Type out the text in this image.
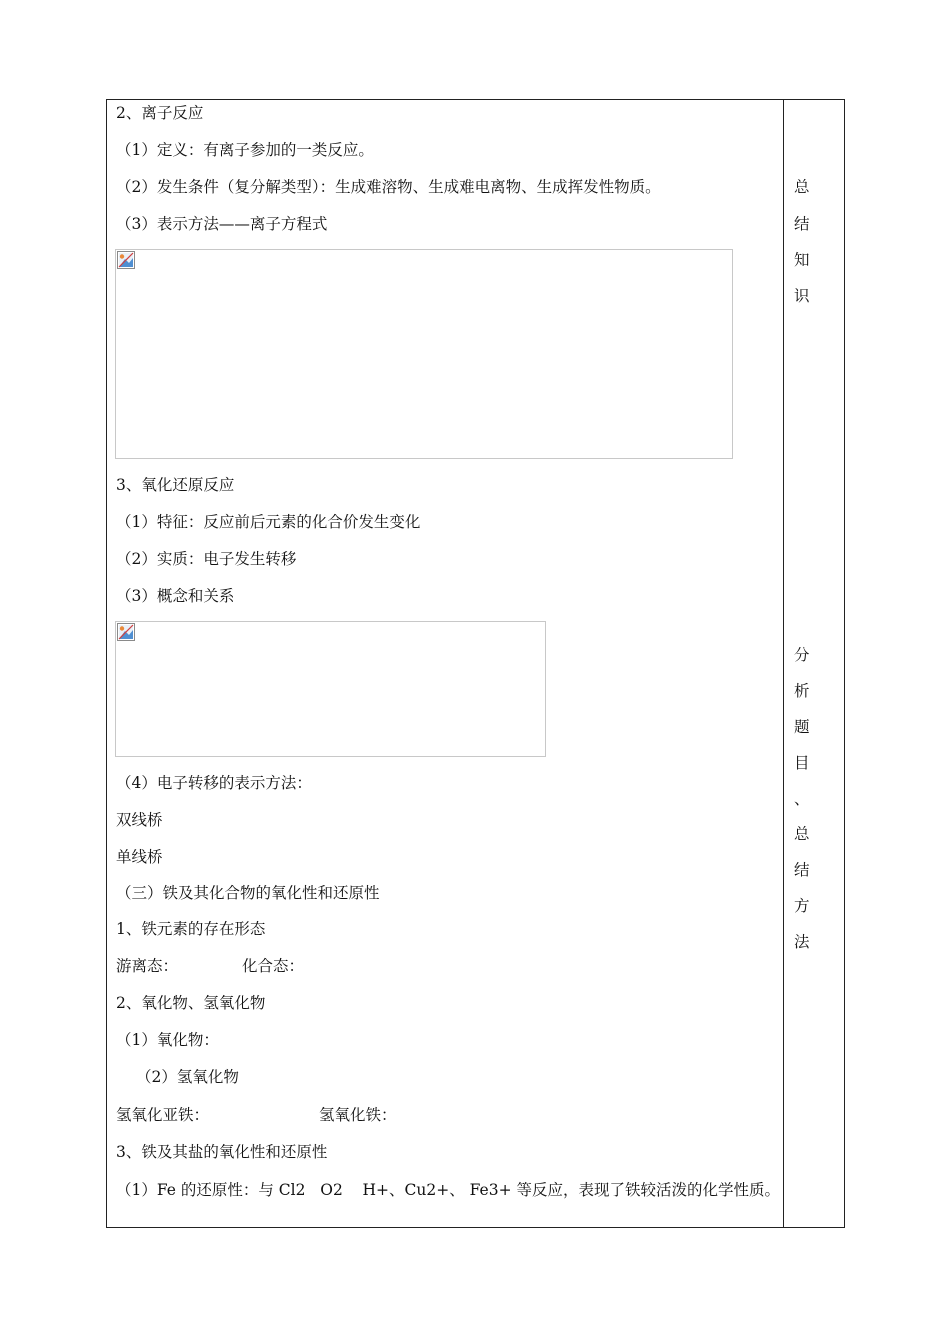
2、离子反应
（1）定义：有离子参加的一类反应。
（2）发生条件（复分解类型）：生成难溶物、生成难电离物、生成挥发性物质。
（3）表示方法——离子方程式
3、氧化还原反应
（1）特征：反应前后元素的化合价发生变化
（2）实质：电子发生转移
（3）概念和关系
（4）电子转移的表示方法：
双线桥
单线桥
（三）铁及其化合物的氧化性和还原性
1、铁元素的存在形态
游离态：	化合态：
2、氧化物、氢氧化物
（1）氧化物：
（2）氢氧化物
氢氧化亚铁：	氢氧化铁：
3、铁及其盐的氧化性和还原性
（1）Fe 的还原性：与 Cl2   O2    H+、Cu2+、 Fe3+ 等反应，表现了铁较活泼的化学性质。
总
结
知
识
分
析
题
目
、
总
结
方
法
